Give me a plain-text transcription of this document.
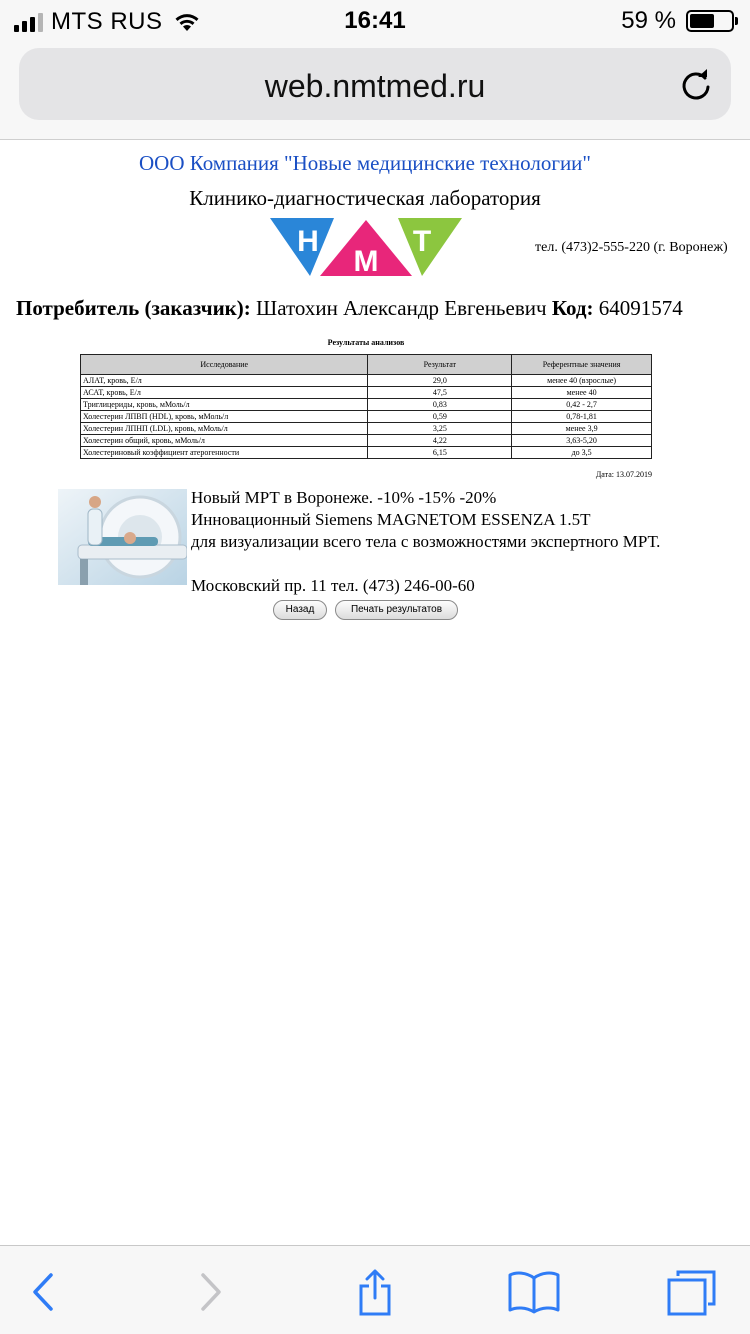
MTS RUS	16:41	59 %
web.nmtmed.ru
ООО Компания "Новые медицинские технологии"
Клинико-диагностическая лаборатория
Н
М
Т	тел. (473)2-555-220 (г. Воронеж)
Потребитель (заказчик): Шатохин Александр Евгеньевич Код: 64091574
Результаты анализов
Исследование	Результат	Референтные значения
АЛАТ, кровь, Е/л	29,0	менее 40 (взрослые)
АСАТ, кровь, Е/л	47,5	менее 40
Триглицериды, кровь, мМоль/л	0,83	0,42 - 2,7
Холестерин ЛПВП (HDL), кровь, мМоль/л	0,59	0,78-1,81
Холестерин ЛПНП (LDL), кровь, мМоль/л	3,25	менее 3,9
Холестерин общий, кровь, мМоль/л	4,22	3,63-5,20
Холестериновый коэффициент атерогенности	6,15	до 3,5
Дата: 13.07.2019
Новый МРТ в Воронеже. -10% -15% -20%
Инновационный Siemens MAGNETOM ESSENZA 1.5T
для визуализации всего тела с возможностями экспертного МРТ.
Московский пр. 11 тел. (473) 246-00-60
Назад	Печать результатов
